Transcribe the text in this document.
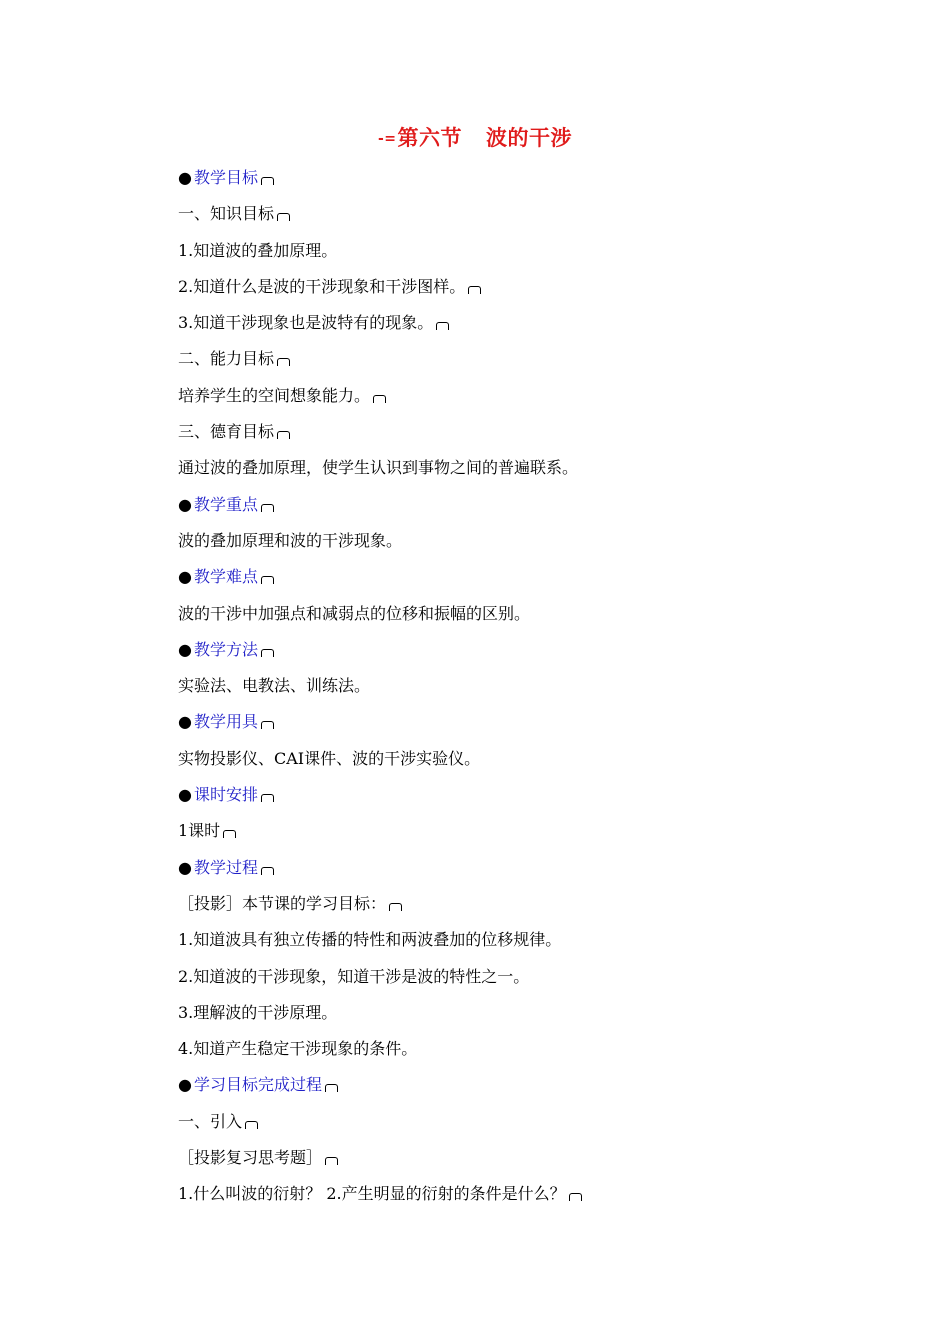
-=第六节 波的干涉
● 教学目标
一、知识目标
1.知道波的叠加原理。
2.知道什么是波的干涉现象和干涉图样。
3.知道干涉现象也是波特有的现象。
二、能力目标
培养学生的空间想象能力。
三、德育目标
通过波的叠加原理，使学生认识到事物之间的普遍联系。
● 教学重点
波的叠加原理和波的干涉现象。
● 教学难点
波的干涉中加强点和减弱点的位移和振幅的区别。
● 教学方法
实验法、电教法、训练法。
● 教学用具
实物投影仪、CAI课件、波的干涉实验仪。
● 课时安排
1课时
● 教学过程
［投影］本节课的学习目标：
1.知道波具有独立传播的特性和两波叠加的位移规律。
2.知道波的干涉现象，知道干涉是波的特性之一。
3.理解波的干涉原理。
4.知道产生稳定干涉现象的条件。
● 学习目标完成过程
一、引入
［投影复习思考题］
1.什么叫波的衍射？ 2.产生明显的衍射的条件是什么？
